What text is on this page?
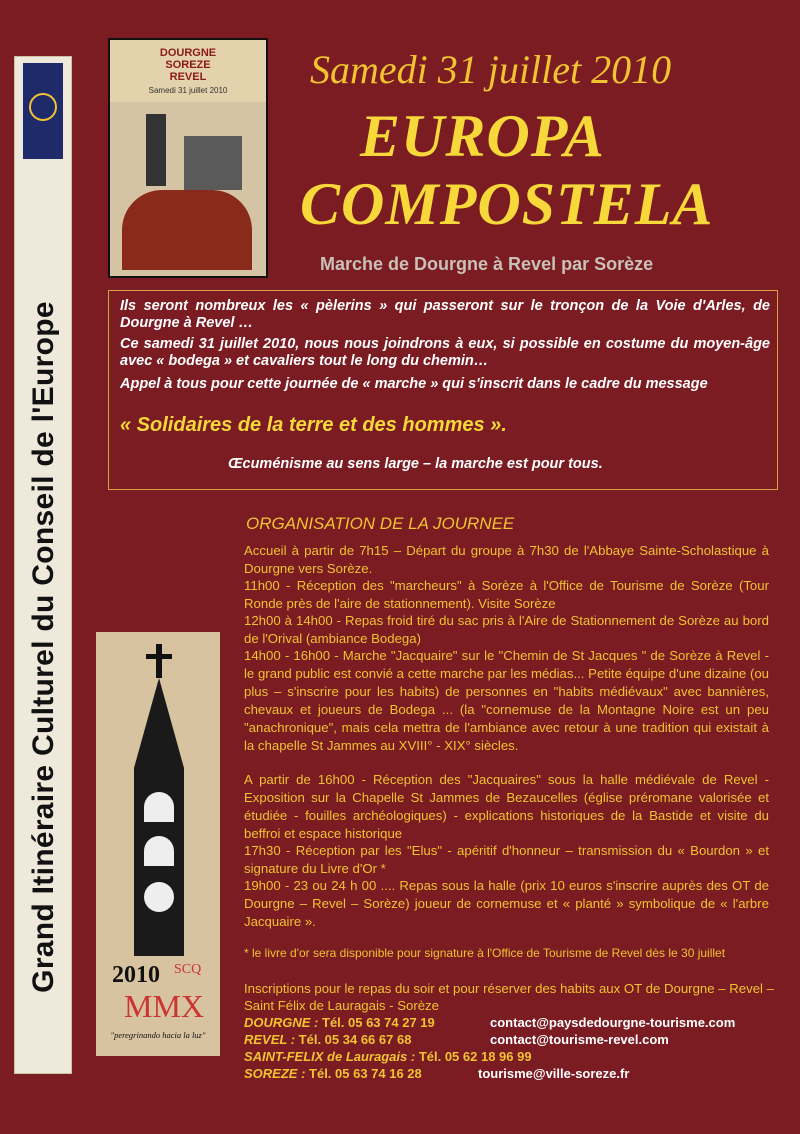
Grand Itinéraire Culturel du Conseil de l'Europe
DOURGNE
SOREZE
REVEL
Samedi 31 juillet 2010	Samedi 31 juillet 2010
EUROPA
COMPOSTELA
Marche de Dourgne à Revel par Sorèze
Ils seront nombreux les « pèlerins » qui passeront sur le tronçon de la Voie d'Arles, de Dourgne à Revel …
Ce samedi 31 juillet 2010, nous nous joindrons à eux, si possible en costume du moyen-âge avec « bodega » et cavaliers tout le long du chemin…
Appel à tous pour cette journée de « marche » qui s'inscrit dans le cadre du message
« Solidaires de la terre et des hommes ».
Œcuménisme au sens large – la marche est pour tous.
ORGANISATION DE LA JOURNEE
Accueil à partir de 7h15 – Départ du groupe à 7h30 de l'Abbaye Sainte-Scholastique à Dourgne vers Sorèze.
11h00 - Réception des "marcheurs" à Sorèze à l'Office de Tourisme de Sorèze (Tour Ronde près de l'aire de stationnement). Visite Sorèze
12h00 à 14h00 - Repas froid tiré du sac pris à l'Aire de Stationnement de Sorèze au bord de l'Orival (ambiance Bodega)
14h00 - 16h00 - Marche "Jacquaire" sur le "Chemin de St Jacques " de Sorèze à Revel - le grand public est convié a cette marche par les médias... Petite équipe d'une dizaine (ou plus – s'inscrire pour les habits) de personnes en "habits médiévaux" avec bannières, chevaux et joueurs de Bodega ... (la "cornemuse de la Montagne Noire est un peu "anachronique", mais cela mettra de l'ambiance avec retour à une tradition qui existait à la chapelle St Jammes au XVIII° - XIX° siècles.
A partir de 16h00 - Réception des "Jacquaires" sous la halle médiévale de Revel - Exposition sur la Chapelle St Jammes de Bezaucelles (église préromane valorisée et étudiée - fouilles archéologiques) - explications historiques de la Bastide et visite du beffroi et espace historique
17h30 - Réception par les "Elus" - apéritif d'honneur – transmission du « Bourdon » et signature du Livre d'Or *
19h00 - 23 ou 24 h 00 .... Repas sous la halle (prix 10 euros s'inscrire auprès des OT de Dourgne – Revel – Sorèze) joueur de cornemuse et « planté » symbolique de « l'arbre Jacquaire ».
2010 SCQ
MMX
"peregrinando hacia la luz"
* le livre d'or sera disponible pour signature à l'Office de Tourisme de Revel dès le 30 juillet
Inscriptions pour le repas du soir et pour réserver des habits aux OT de Dourgne – Revel – Saint Félix de Lauragais - Sorèze
DOURGNE : Tél. 05 63 74 27 19	contact@paysdedourgne-tourisme.com
REVEL : Tél. 05 34 66 67 68	contact@tourisme-revel.com
SAINT-FELIX de Lauragais : Tél. 05 62 18 96 99
SOREZE : Tél. 05 63 74 16 28	tourisme@ville-soreze.fr
